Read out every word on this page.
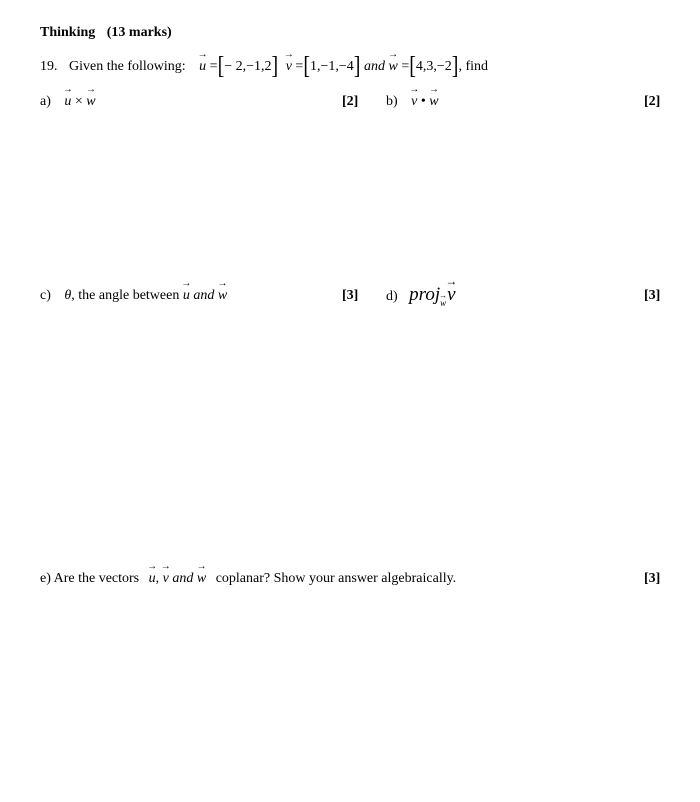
Thinking (13 marks)
19. Given the following:
→
u =[− 2,−1,2] →
v =[1,−1,−4] and
→
w =[4,3,−2], find
a)
→
u ×
→
w	[2] b)
→
v •
→
w	[2]
c) θ, the angle between
→
u and
→
w	[3] d) proj $_{\to w}$
→
v	[3]
e) Are the vectors
→
u,
→
v and
→
w coplanar? Show your answer algebraically.	[3]
